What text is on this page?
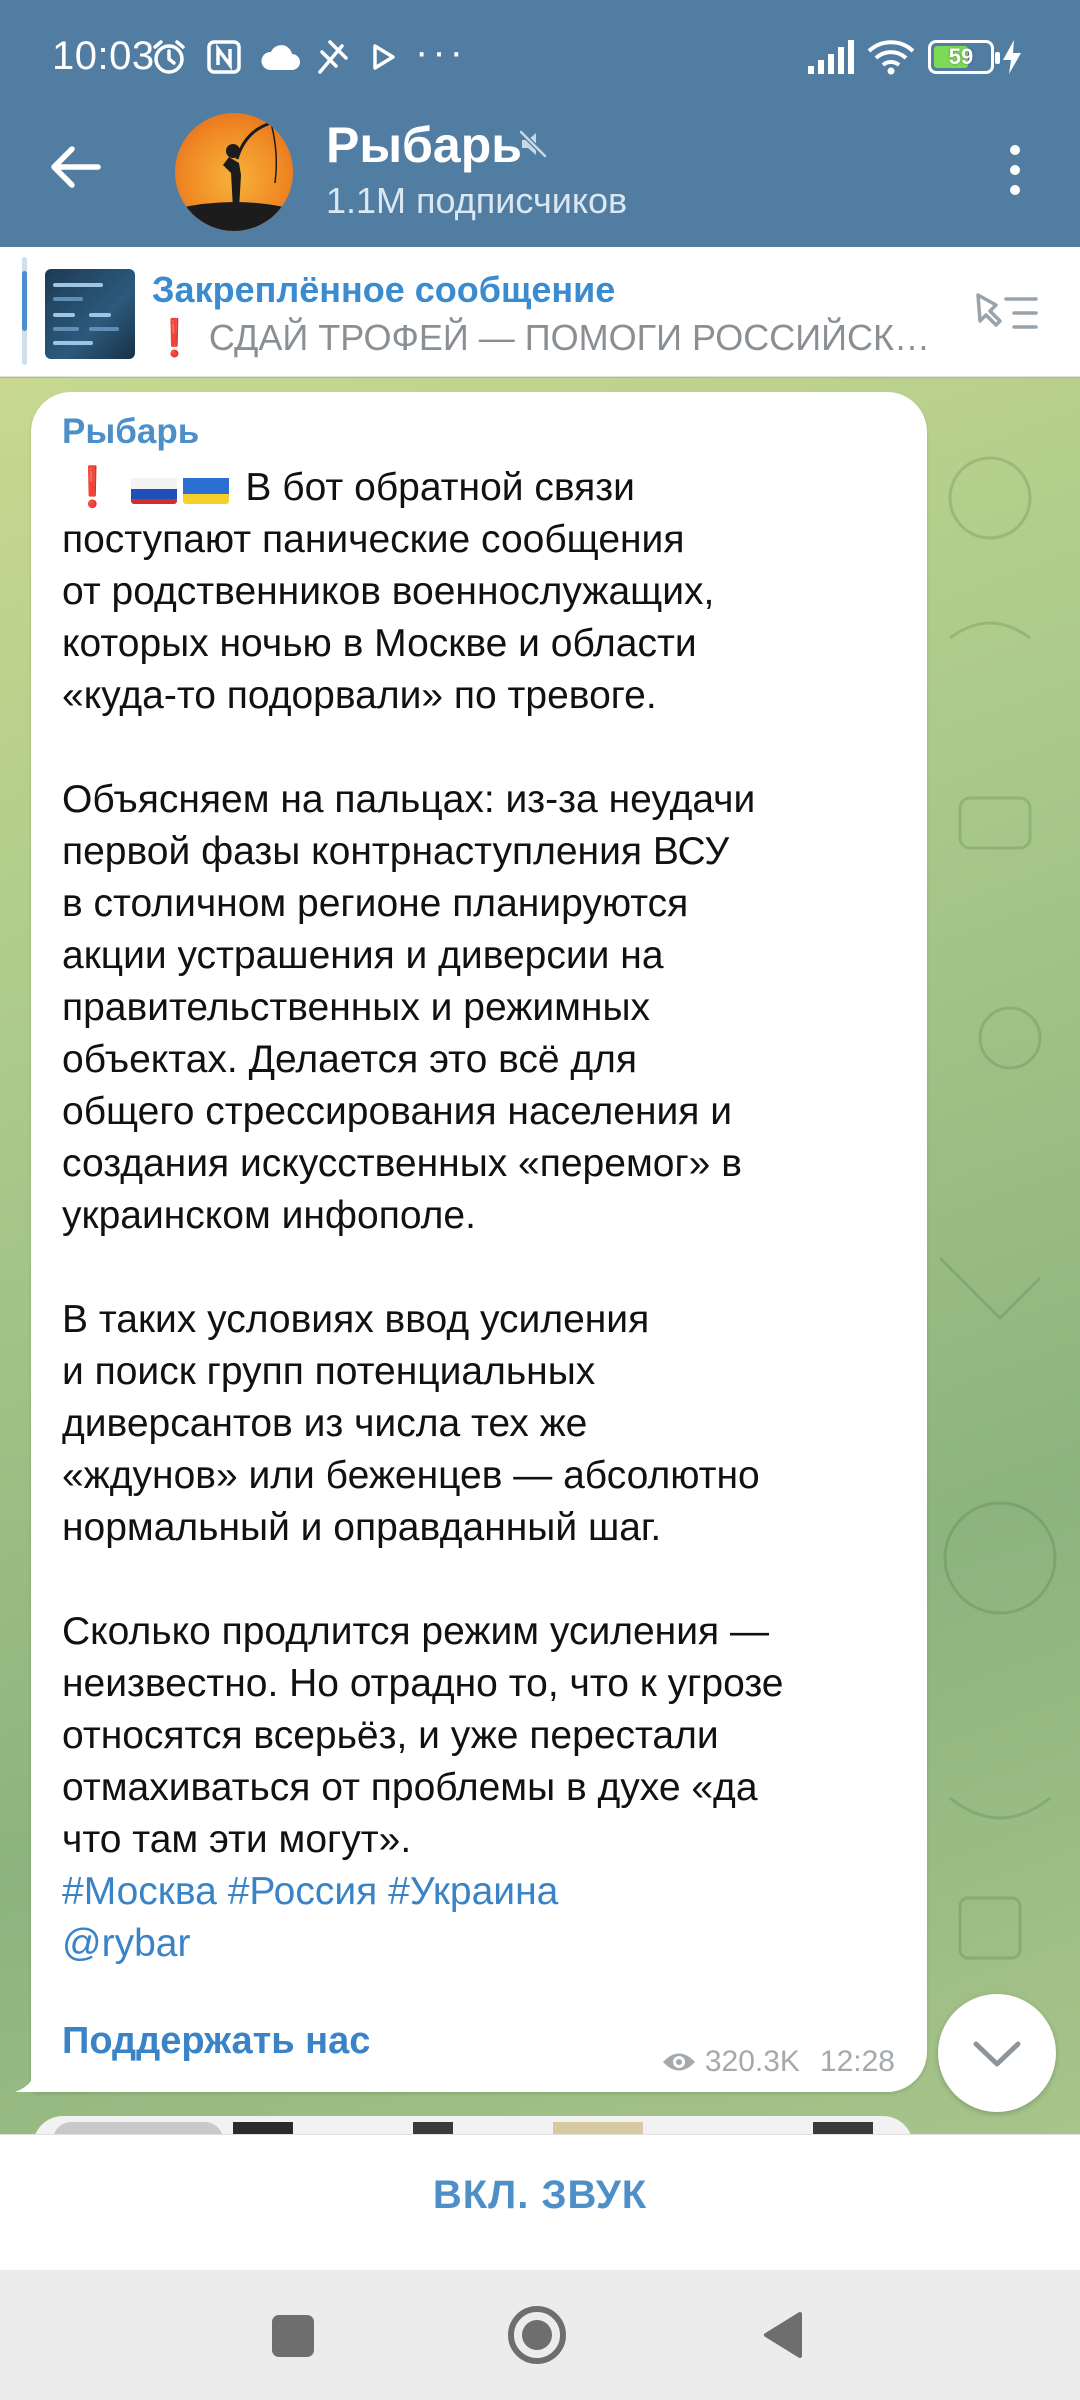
10:03	···	59
Рыбарь
1.1M подписчиков
Закреплённое сообщение
❗ СДАЙ ТРОФЕЙ — ПОМОГИ РОССИЙСК…
Рыбарь

❗	В бот обратной связи

поступают панические сообщения

от родственников военнослужащих,

которых ночью в Москве и области

«куда-то подорвали» по тревоге.

Объясняем на пальцах: из-за неудачи

первой фазы контрнаступления ВСУ

в столичном регионе планируются

акции устрашения и диверсии на

правительственных и режимных

объектах. Делается это всё для

общего стрессирования населения и

создания искусственных «перемог» в

украинском инфополе.

В таких условиях ввод усиления

и поиск групп потенциальных

диверсантов из числа тех же

«ждунов» или беженцев — абсолютно

нормальный и оправданный шаг.

Сколько продлится режим усиления —

неизвестно. Но отрадно то, что к угрозе

относятся всерьёз, и уже перестали

отмахиваться от проблемы в духе «да

что там эти могут».

#Москва #Россия #Украина

@rybar

Поддержать нас	320.3K 12:28
ВКЛ. ЗВУК
